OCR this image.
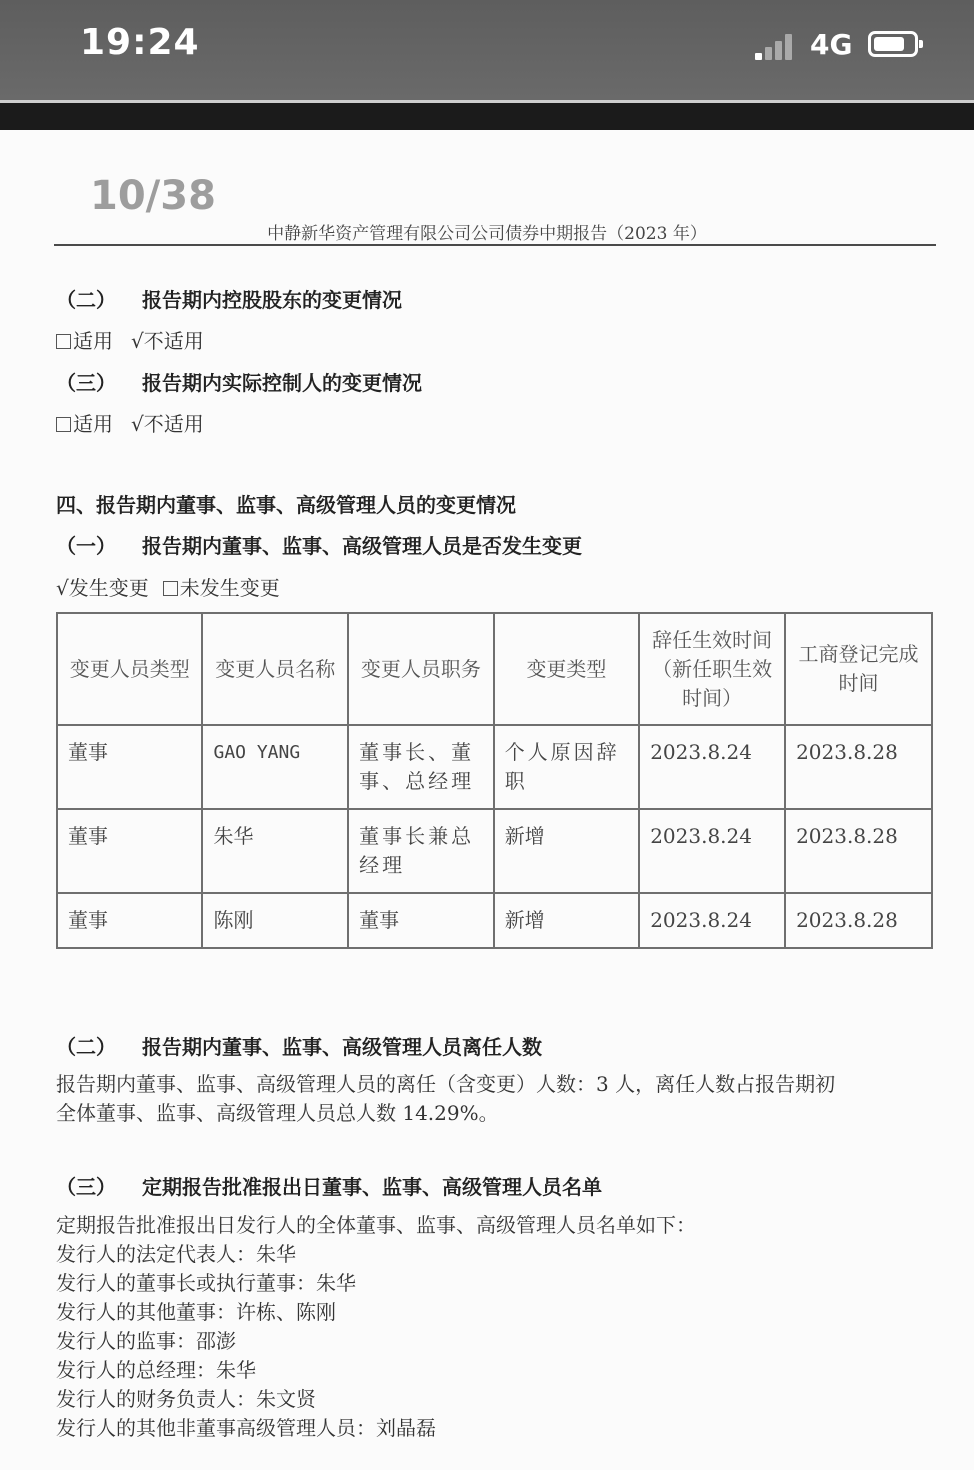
19:24	4G
10/38
中静新华资产管理有限公司公司债券中期报告（2023 年）
（二） 报告期内控股股东的变更情况
适用 √不适用
（三） 报告期内实际控制人的变更情况
适用 √不适用
四、报告期内董事、监事、高级管理人员的变更情况
（一） 报告期内董事、监事、高级管理人员是否发生变更
√发生变更 未发生变更
变更人员类型	变更人员名称	变更人员职务	变更类型	辞任生效时间（新任职生效时间）	工商登记完成时间
董事	GAO YANG	董事长、董事、总经理	个人原因辞职	2023.8.24	2023.8.28
董事	朱华	董事长兼总经理	新增	2023.8.24	2023.8.28
董事	陈刚	董事	新增	2023.8.24	2023.8.28
（二） 报告期内董事、监事、高级管理人员离任人数
报告期内董事、监事、高级管理人员的离任（含变更）人数：3 人，离任人数占报告期初
全体董事、监事、高级管理人员总人数 14.29%。
（三） 定期报告批准报出日董事、监事、高级管理人员名单
定期报告批准报出日发行人的全体董事、监事、高级管理人员名单如下：
发行人的法定代表人：朱华
发行人的董事长或执行董事：朱华
发行人的其他董事：许栋、陈刚
发行人的监事：邵澎
发行人的总经理：朱华
发行人的财务负责人：朱文贤
发行人的其他非董事高级管理人员：刘晶磊
